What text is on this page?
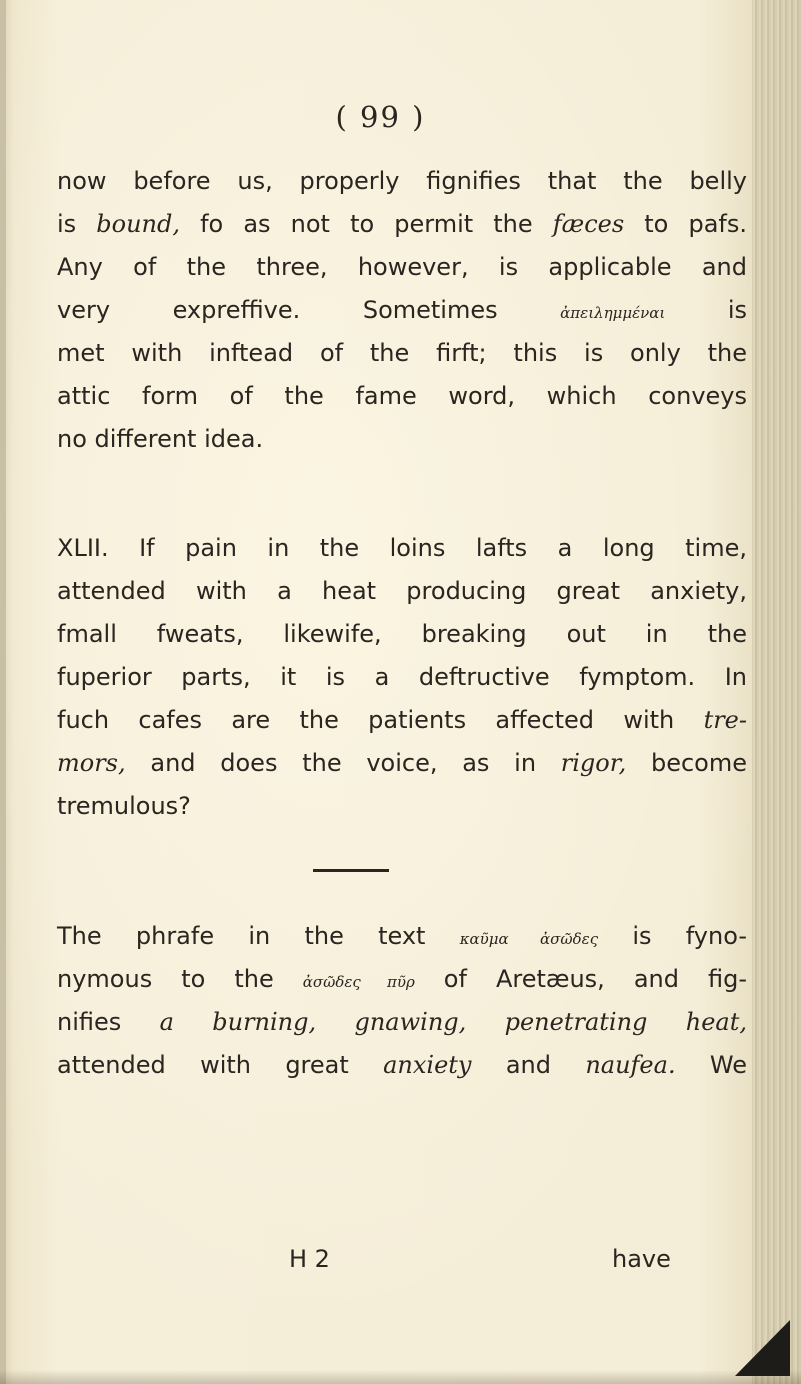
( 99 )
now before us, properly fignifies that the belly
is bound, fo as not to permit the fæces to pafs.
Any of the three, however, is applicable and
very expreffive. Sometimes ἀπειλημμέναι is
met with inftead of the firft; this is only the
attic form of the fame word, which conveys
no different idea.
XLII. If pain in the loins lafts a long time,
attended with a heat producing great anxiety,
fmall fweats, likewife, breaking out in the
fuperior parts, it is a deftructive fymptom. In
fuch cafes are the patients affected with tre-
mors, and does the voice, as in rigor, become
tremulous?
The phrafe in the text καῦμα ἀσῶδες is fyno-
nymous to the ἀσῶδες πῦρ of Aretæus, and fig-
nifies a burning, gnawing, penetrating heat,
attended with great anxiety and naufea. We
H 2	have
